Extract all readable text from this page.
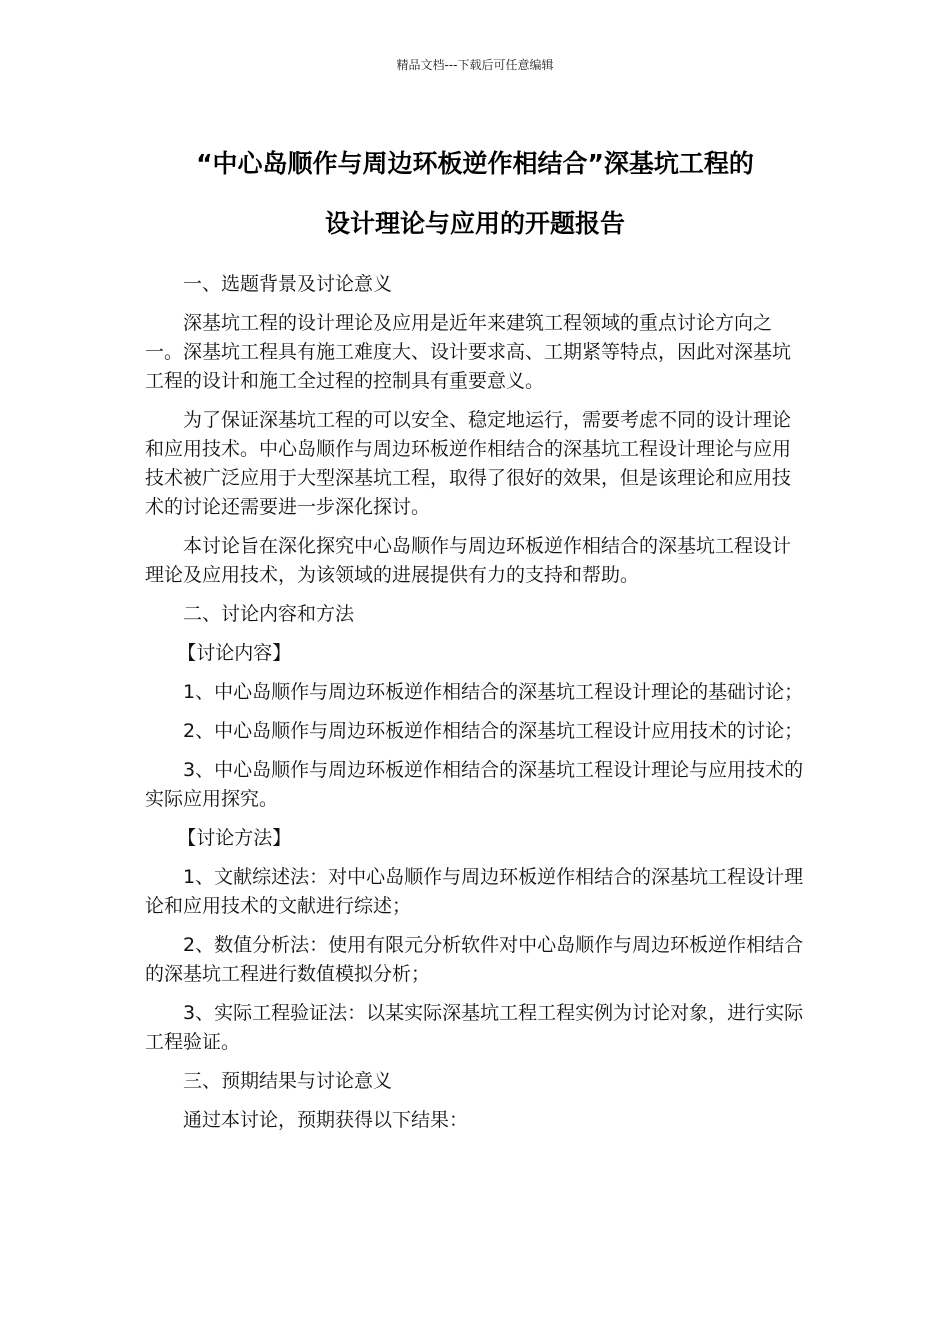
精品文档---下载后可任意编辑
“中心岛顺作与周边环板逆作相结合”深基坑工程的
设计理论与应用的开题报告

一、选题背景及讨论意义

深基坑工程的设计理论及应用是近年来建筑工程领域的重点讨论方向之一。深基坑工程具有施工难度大、设计要求高、工期紧等特点，因此对深基坑工程的设计和施工全过程的控制具有重要意义。

为了保证深基坑工程的可以安全、稳定地运行，需要考虑不同的设计理论和应用技术。中心岛顺作与周边环板逆作相结合的深基坑工程设计理论与应用技术被广泛应用于大型深基坑工程，取得了很好的效果，但是该理论和应用技术的讨论还需要进一步深化探讨。

本讨论旨在深化探究中心岛顺作与周边环板逆作相结合的深基坑工程设计理论及应用技术，为该领域的进展提供有力的支持和帮助。

二、讨论内容和方法

【讨论内容】

1、中心岛顺作与周边环板逆作相结合的深基坑工程设计理论的基础讨论；

2、中心岛顺作与周边环板逆作相结合的深基坑工程设计应用技术的讨论；

3、中心岛顺作与周边环板逆作相结合的深基坑工程设计理论与应用技术的实际应用探究。

【讨论方法】

1、文献综述法：对中心岛顺作与周边环板逆作相结合的深基坑工程设计理论和应用技术的文献进行综述；

2、数值分析法：使用有限元分析软件对中心岛顺作与周边环板逆作相结合的深基坑工程进行数值模拟分析；

3、实际工程验证法：以某实际深基坑工程工程实例为讨论对象，进行实际工程验证。

三、预期结果与讨论意义

通过本讨论，预期获得以下结果：
